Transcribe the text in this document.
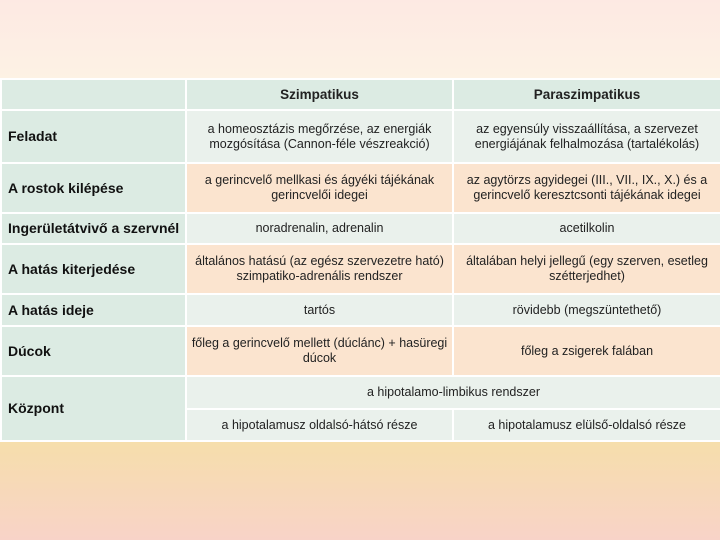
	Szimpatikus	Paraszimpatikus
Feladat	a homeosztázis megőrzése, az energiák mozgósítása (Cannon-féle vészreakció)	az egyensúly visszaállítása, a szervezet energiájának felhalmozása (tartalékolás)
A rostok kilépése	a gerincvelő mellkasi és ágyéki tájékának gerincvelői idegei	az agytörzs agyidegei (III., VII., IX., X.) és a gerincvelő keresztcsonti tájékának idegei
Ingerületátvivő a szervnél	noradrenalin, adrenalin	acetilkolin
A hatás kiterjedése	általános hatású (az egész szervezetre ható) szimpatiko-adrenális rendszer	általában helyi jellegű (egy szerven, esetleg szétterjedhet)
A hatás ideje	tartós	rövidebb (megszüntethető)
Dúcok	főleg a gerincvelő mellett (dúclánc) + hasüregi dúcok	főleg a zsigerek falában
Központ	a hipotalamo-limbikus rendszer	
	a hipotalamusz oldalsó-hátsó része	a hipotalamusz elülső-oldalsó része
